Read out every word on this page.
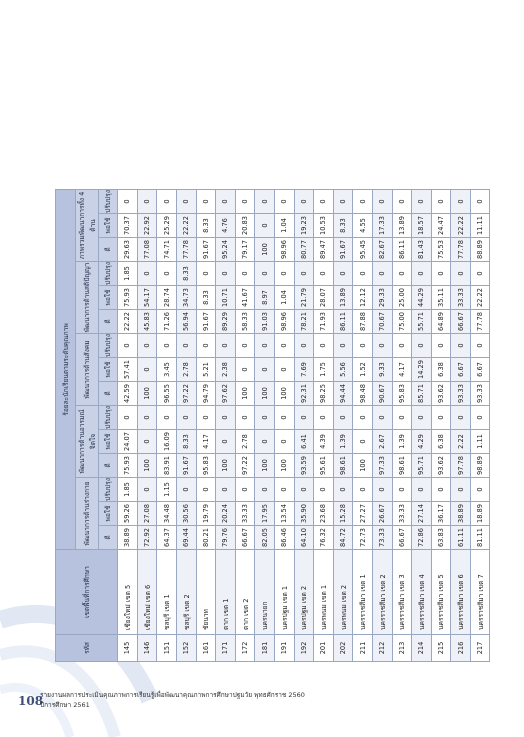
รหัส	เขตพื้นที่การศึกษา	ร้อยละนักเรียนตามระดับคุณภาพ														
		พัฒนาการด้านร่างกาย			พัฒนาการด้านอารมณ์จิตใจ			พัฒนาการด้านสังคม			พัฒนาการด้านสติปัญญา			ภาพรวมพัฒนาการทั้ง 4 ด้าน		
		ดี	พอใช้	ปรับปรุง	ดี	พอใช้	ปรับปรุง	ดี	พอใช้	ปรับปรุง	ดี	พอใช้	ปรับปรุง	ดี	พอใช้	ปรับปรุง
145	เชียงใหม่ เขต 5	38.89	59.26	1.85	75.93	24.07	0	42.59	57.41	0	22.22	75.93	1.85	29.63	70.37	0
146	เชียงใหม่ เขต 6	72.92	27.08	0	100	0	0	100	0	0	45.83	54.17	0	77.08	22.92	0
151	ชลบุรี เขต 1	64.37	34.48	1.15	83.91	16.09	0	96.55	3.45	0	71.26	28.74	0	74.71	25.29	0
152	ชลบุรี เขต 2	69.44	30.56	0	91.67	8.33	0	97.22	2.78	0	56.94	34.73	8.33	77.78	22.22	0
161	ชัยนาท	80.21	19.79	0	95.83	4.17	0	94.79	5.21	0	91.67	8.33	0	91.67	8.33	0
171	ตาก เขต 1	79.76	20.24	0	100	0	0	97.62	2.38	0	89.29	10.71	0	95.24	4.76	0
172	ตาก เขต 2	66.67	33.33	0	97.22	2.78	0	100	0	0	58.33	41.67	0	79.17	20.83	0
181	นครนายก	82.05	17.95	0	100	0	0	100	0	0	91.03	8.97	0	100	0	0
191	นครปฐม เขต 1	86.46	13.54	0	100	0	0	100	0	0	98.96	1.04	0	98.96	1.04	0
192	นครปฐม เขต 2	64.10	35.90	0	93.59	6.41	0	92.31	7.69	0	78.21	21.79	0	80.77	19.23	0
201	นครพนม เขต 1	76.32	23.68	0	95.61	4.39	0	98.25	1.75	0	71.93	28.07	0	89.47	10.53	0
202	นครพนม เขต 2	84.72	15.28	0	98.61	1.39	0	94.44	5.56	0	86.11	13.89	0	91.67	8.33	0
211	นครราชสีมา เขต 1	72.73	27.27	0	100	0	0	98.48	1.52	0	87.88	12.12	0	95.45	4.55	0
212	นครราชสีมา เขต 2	73.33	26.67	0	97.33	2.67	0	90.67	9.33	0	70.67	29.33	0	82.67	17.33	0
213	นครราชสีมา เขต 3	66.67	33.33	0	98.61	1.39	0	95.83	4.17	0	75.00	25.00	0	86.11	13.89	0
214	นครราชสีมา เขต 4	72.86	27.14	0	95.71	4.29	0	85.71	14.29	0	55.71	44.29	0	81.43	18.57	0
215	นครราชสีมา เขต 5	63.83	36.17	0	93.62	6.38	0	93.62	6.38	0	64.89	35.11	0	75.53	24.47	0
216	นครราชสีมา เขต 6	61.11	38.89	0	97.78	2.22	0	93.33	6.67	0	66.67	33.33	0	77.78	22.22	0
217	นครราชสีมา เขต 7	81.11	18.89	0	98.89	1.11	0	93.33	6.67	0	77.78	22.22	0	88.89	11.11	0
108
รายงานผลการประเมินคุณภาพการเรียนรู้เพื่อพัฒนาคุณภาพการศึกษาปฐมวัย พุทธศักราช 2560
ปีการศึกษา 2561
